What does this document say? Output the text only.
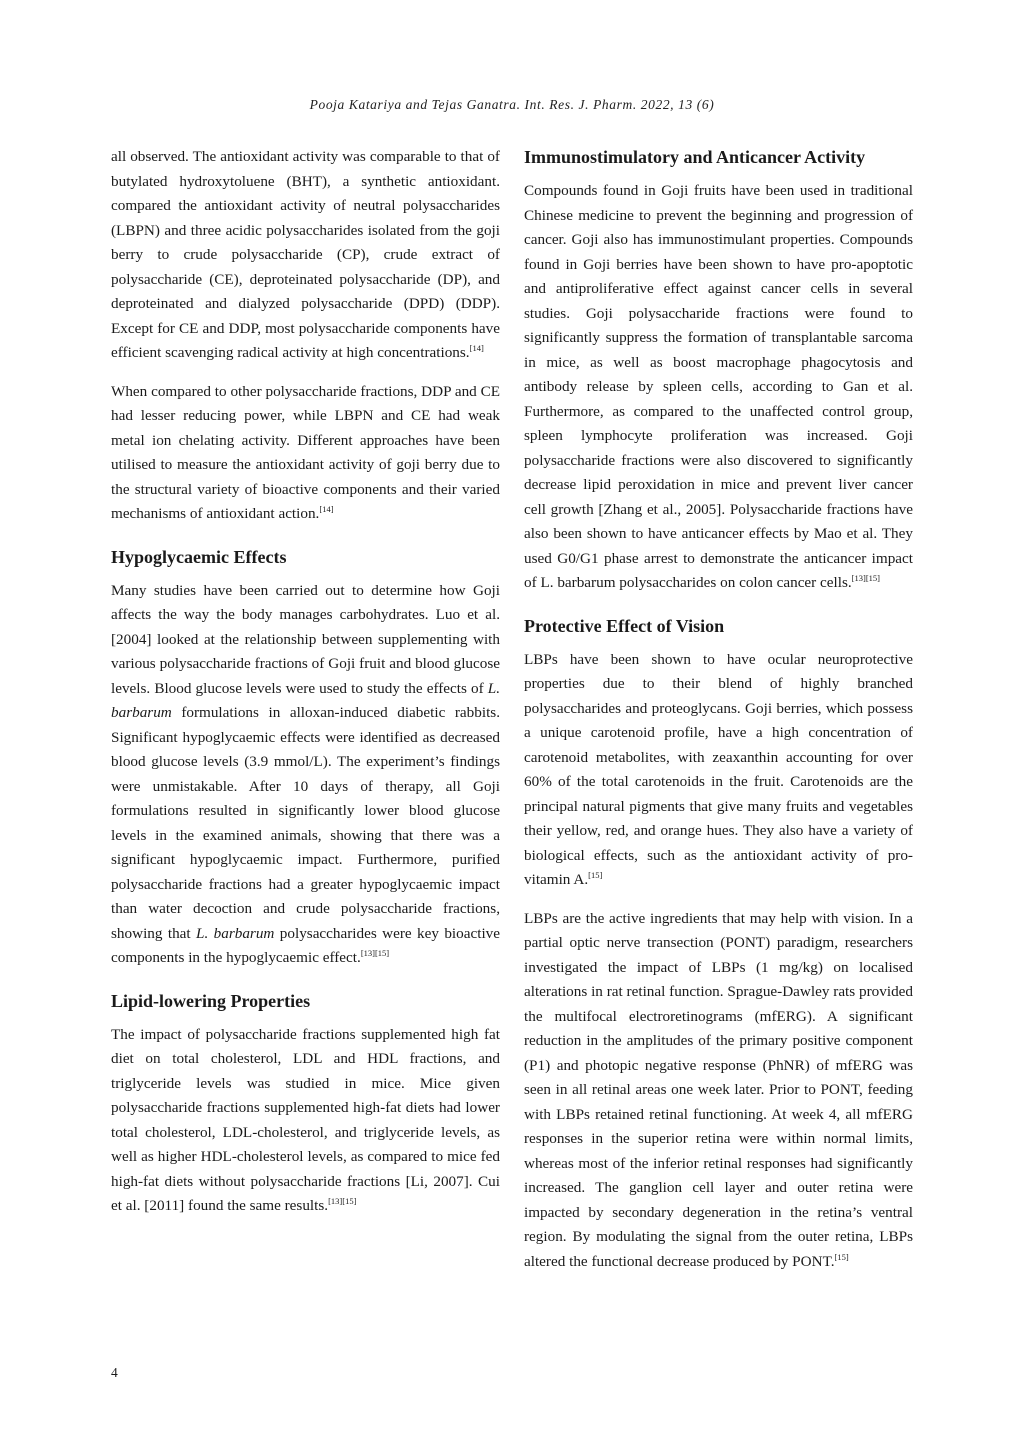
Pooja Katariya and Tejas Ganatra. Int. Res. J. Pharm. 2022, 13 (6)

all observed. The antioxidant activity was comparable to that of butylated hydroxytoluene (BHT), a synthetic antioxidant. compared the antioxidant activity of neutral polysaccharides (LBPN) and three acidic polysaccharides isolated from the goji berry to crude polysaccharide (CP), crude extract of polysaccharide (CE), deproteinated polysaccharide (DP), and deproteinated and dialyzed polysaccharide (DPD) (DDP). Except for CE and DDP, most polysaccharide components have efficient scavenging radical activity at high concentrations.[14]

When compared to other polysaccharide fractions, DDP and CE had lesser reducing power, while LBPN and CE had weak metal ion chelating activity. Different approaches have been utilised to measure the antioxidant activity of goji berry due to the structural variety of bioactive components and their varied mechanisms of antioxidant action.[14]

Hypoglycaemic Effects

Many studies have been carried out to determine how Goji affects the way the body manages carbohydrates. Luo et al. [2004] looked at the relationship between supplementing with various polysaccharide fractions of Goji fruit and blood glucose levels. Blood glucose levels were used to study the effects of L. barbarum formulations in alloxan-induced diabetic rabbits. Significant hypoglycaemic effects were identified as decreased blood glucose levels (3.9 mmol/L). The experiment’s findings were unmistakable. After 10 days of therapy, all Goji formulations resulted in significantly lower blood glucose levels in the examined animals, showing that there was a significant hypoglycaemic impact. Furthermore, purified polysaccharide fractions had a greater hypoglycaemic impact than water decoction and crude polysaccharide fractions, showing that L. barbarum polysaccharides were key bioactive components in the hypoglycaemic effect.[13][15]

Lipid-lowering Properties

The impact of polysaccharide fractions supplemented high fat diet on total cholesterol, LDL and HDL fractions, and triglyceride levels was studied in mice. Mice given polysaccharide fractions supplemented high-fat diets had lower total cholesterol, LDL-cholesterol, and triglyceride levels, as well as higher HDL-cholesterol levels, as compared to mice fed high-fat diets without polysaccharide fractions [Li, 2007]. Cui et al. [2011] found the same results.[13][15]

Immunostimulatory and Anticancer Activity

Compounds found in Goji fruits have been used in traditional Chinese medicine to prevent the beginning and progression of cancer. Goji also has immunostimulant properties. Compounds found in Goji berries have been shown to have pro-apoptotic and antiproliferative effect against cancer cells in several studies. Goji polysaccharide fractions were found to significantly suppress the formation of transplantable sarcoma in mice, as well as boost macrophage phagocytosis and antibody release by spleen cells, according to Gan et al. Furthermore, as compared to the unaffected control group, spleen lymphocyte proliferation was increased. Goji polysaccharide fractions were also discovered to significantly decrease lipid peroxidation in mice and prevent liver cancer cell growth [Zhang et al., 2005]. Polysaccharide fractions have also been shown to have anticancer effects by Mao et al. They used G0/G1 phase arrest to demonstrate the anticancer impact of L. barbarum polysaccharides on colon cancer cells.[13][15]

Protective Effect of Vision

LBPs have been shown to have ocular neuroprotective properties due to their blend of highly branched polysaccharides and proteoglycans. Goji berries, which possess a unique carotenoid profile, have a high concentration of carotenoid metabolites, with zeaxanthin accounting for over 60% of the total carotenoids in the fruit. Carotenoids are the principal natural pigments that give many fruits and vegetables their yellow, red, and orange hues. They also have a variety of biological effects, such as the antioxidant activity of pro-vitamin A.[15]

LBPs are the active ingredients that may help with vision. In a partial optic nerve transection (PONT) paradigm, researchers investigated the impact of LBPs (1 mg/kg) on localised alterations in rat retinal function. Sprague-Dawley rats provided the multifocal electroretinograms (mfERG). A significant reduction in the amplitudes of the primary positive component (P1) and photopic negative response (PhNR) of mfERG was seen in all retinal areas one week later. Prior to PONT, feeding with LBPs retained retinal functioning. At week 4, all mfERG responses in the superior retina were within normal limits, whereas most of the inferior retinal responses had significantly increased. The ganglion cell layer and outer retina were impacted by secondary degeneration in the retina’s ventral region. By modulating the signal from the outer retina, LBPs altered the functional decrease produced by PONT.[15]

4
